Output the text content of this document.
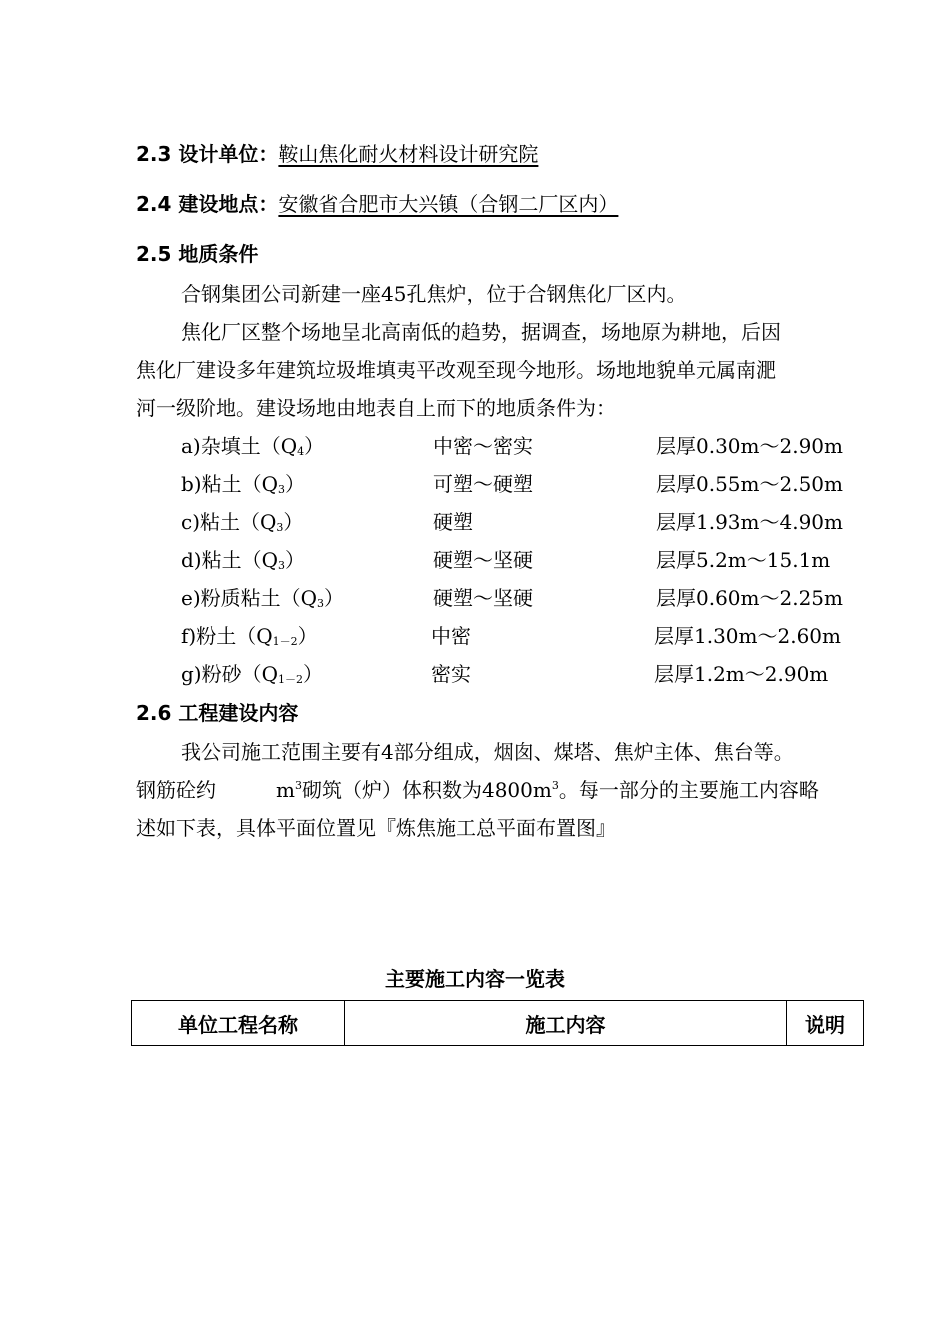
2.3 设计单位：鞍山焦化耐火材料设计研究院
2.4 建设地点：安徽省合肥市大兴镇（合钢二厂区内）
2.5 地质条件
合钢集团公司新建一座45孔焦炉，位于合钢焦化厂区内。
焦化厂区整个场地呈北高南低的趋势，据调查，场地原为耕地，后因
焦化厂建设多年建筑垃圾堆填夷平改观至现今地形。场地地貌单元属南淝
河一级阶地。建设场地由地表自上而下的地质条件为：
a)杂填土$(Q_4)$	中密～密实	层厚0.30m～2.90m
b)粘土$(Q_3)$	可塑～硬塑	层厚0.55m～2.50m
c)粘土$(Q_3)$	硬塑	层厚1.93m～4.90m
d)粘土$(Q_3)$	硬塑～坚硬	层厚5.2m～15.1m
e)粉质粘土$(Q_3)$	硬塑～坚硬	层厚0.60m～2.25m
f)粉土$(Q_{1-2})$	中密	层厚1.30m～2.60m
g)粉砂$(Q_{1-2})$	密实	层厚1.2m～2.90m
2.6 工程建设内容
我公司施工范围主要有4部分组成，烟囱、煤塔、焦炉主体、焦台等。
钢筋砼约	$m^3$砌筑（炉）体积数为$4800m^3$。每一部分的主要施工内容略
述如下表，具体平面位置见『炼焦施工总平面布置图』
主要施工内容一览表
单位工程名称	施工内容	说明
